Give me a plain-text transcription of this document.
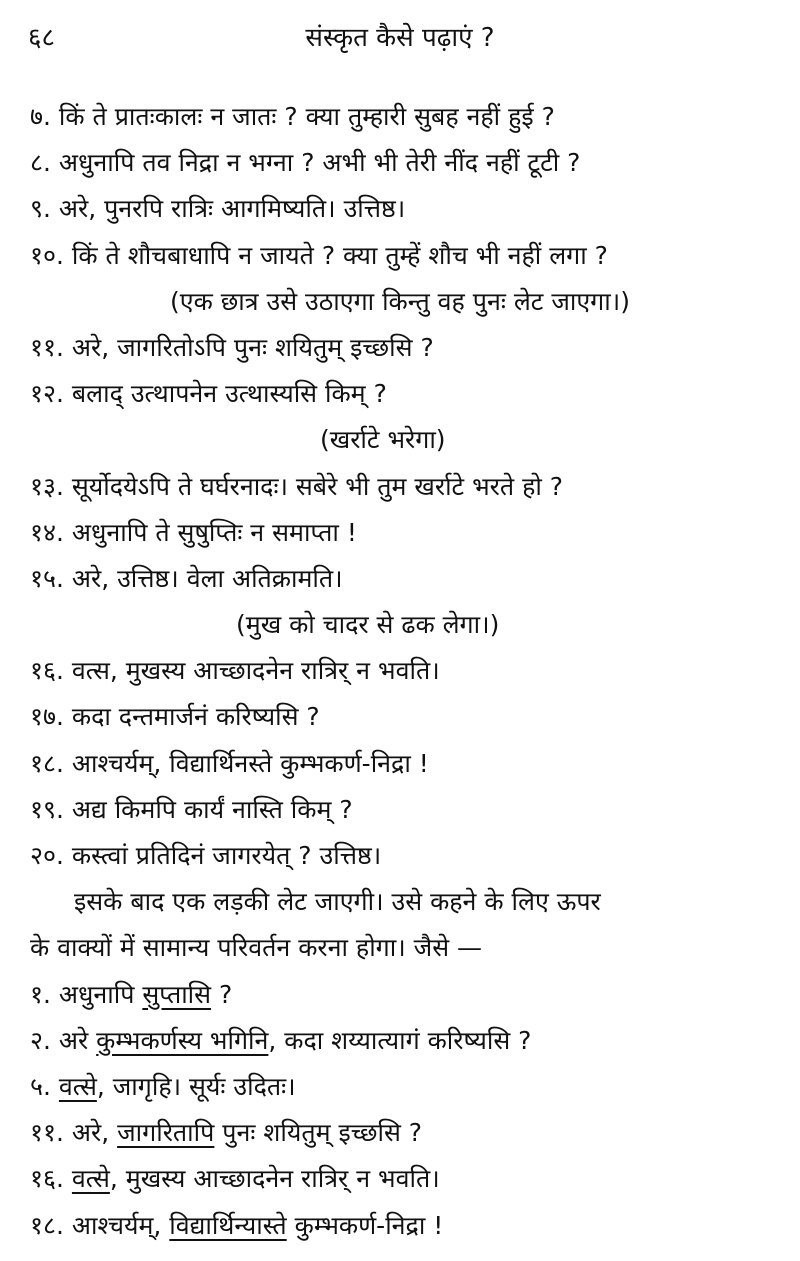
६८	संस्कृत कैसे पढ़ाएं ?
७. किं ते प्रातःकालः न जातः ? क्या तुम्हारी सुबह नहीं हुई ?
८. अधुनापि तव निद्रा न भग्ना ? अभी भी तेरी नींद नहीं टूटी ?
९. अरे, पुनरपि रात्रिः आगमिष्यति। उत्तिष्ठ।
१०. किं ते शौचबाधापि न जायते ? क्या तुम्हें शौच भी नहीं लगा ?
(एक छात्र उसे उठाएगा किन्तु वह पुनः लेट जाएगा।)
११. अरे, जागरितोऽपि पुनः शयितुम् इच्छसि ?
१२. बलाद् उत्थापनेन उत्थास्यसि किम् ?
(खर्राटे भरेगा)
१३. सूर्योदयेऽपि ते घर्घरनादः। सबेरे भी तुम खर्राटे भरते हो ?
१४. अधुनापि ते सुषुप्तिः न समाप्ता !
१५. अरे, उत्तिष्ठ। वेला अतिक्रामति।
(मुख को चादर से ढक लेगा।)
१६. वत्स, मुखस्य आच्छादनेन रात्रिर् न भवति।
१७. कदा दन्तमार्जनं करिष्यसि ?
१८. आश्चर्यम्, विद्यार्थिनस्ते कुम्भकर्ण-निद्रा !
१९. अद्य किमपि कार्यं नास्ति किम् ?
२०. कस्त्वां प्रतिदिनं जागरयेत् ? उत्तिष्ठ।
इसके बाद एक लड़की लेट जाएगी। उसे कहने के लिए ऊपर
के वाक्यों में सामान्य परिवर्तन करना होगा। जैसे —
१. अधुनापि सुप्तासि ?
२. अरे कुम्भकर्णस्य भगिनि, कदा शय्यात्यागं करिष्यसि ?
५. वत्से, जागृहि। सूर्यः उदितः।
११. अरे, जागरितापि पुनः शयितुम् इच्छसि ?
१६. वत्से, मुखस्य आच्छादनेन रात्रिर् न भवति।
१८. आश्चर्यम्, विद्यार्थिन्यास्ते कुम्भकर्ण-निद्रा !
